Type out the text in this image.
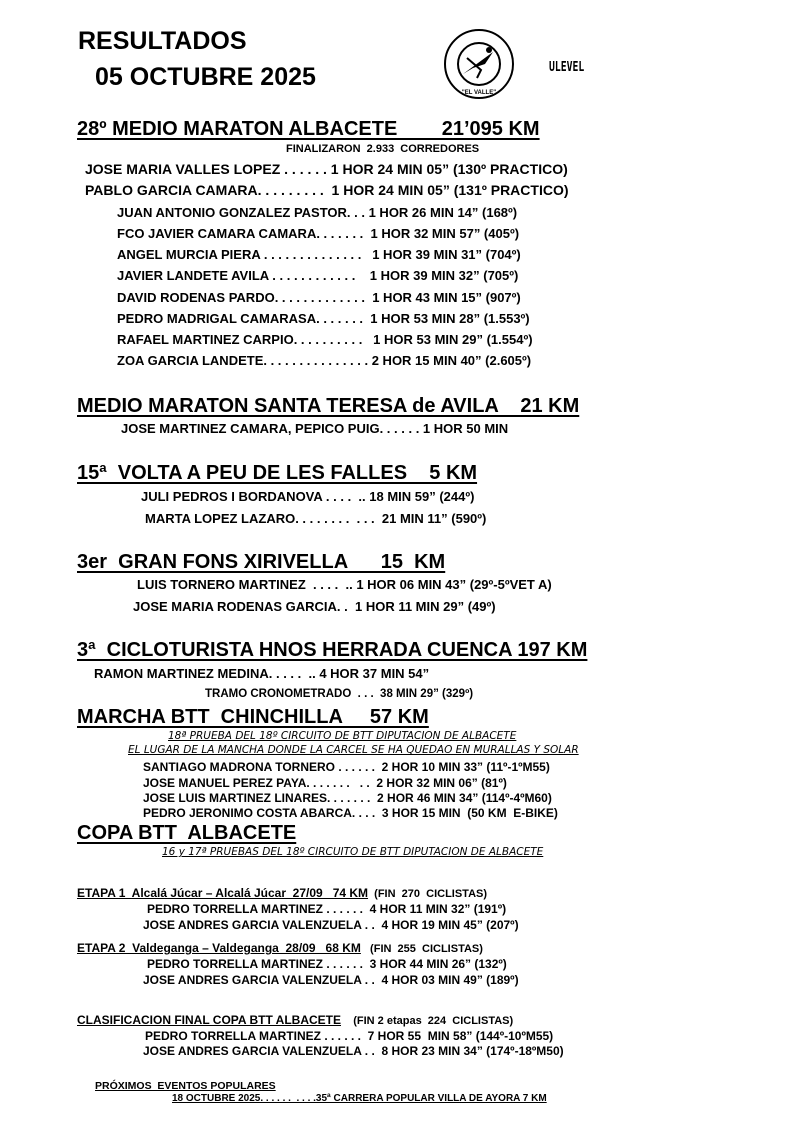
RESULTADOS
05 OCTUBRE 2025
"EL VALLE"
ULEVEL
28º MEDIO MARATON ALBACETE        21’095 KM
FINALIZARON  2.933  CORREDORES
JOSE MARIA VALLES LOPEZ . . . . . . 1 HOR 24 MIN 05” (130º PRACTICO)
PABLO GARCIA CAMARA. . . . . . . . .  1 HOR 24 MIN 05” (131º PRACTICO)
JUAN ANTONIO GONZALEZ PASTOR. . . 1 HOR 26 MIN 14” (168º)
FCO JAVIER CAMARA CAMARA. . . . . . .  1 HOR 32 MIN 57” (405º)
ANGEL MURCIA PIERA . . . . . . . . . . . . . .   1 HOR 39 MIN 31” (704º)
JAVIER LANDETE AVILA . . . . . . . . . . . .    1 HOR 39 MIN 32” (705º)
DAVID RODENAS PARDO. . . . . . . . . . . . .  1 HOR 43 MIN 15” (907º)
PEDRO MADRIGAL CAMARASA. . . . . . .  1 HOR 53 MIN 28” (1.553º)
RAFAEL MARTINEZ CARPIO. . . . . . . . . .   1 HOR 53 MIN 29” (1.554º)
ZOA GARCIA LANDETE. . . . . . . . . . . . . . . 2 HOR 15 MIN 40” (2.605º)
MEDIO MARATON SANTA TERESA de AVILA    21 KM
JOSE MARTINEZ CAMARA, PEPICO PUIG. . . . . . 1 HOR 50 MIN
15ª  VOLTA A PEU DE LES FALLES    5 KM
JULI PEDROS I BORDANOVA . . . .  .. 18 MIN 59” (244º)
MARTA LOPEZ LAZARO. . . . . . . .  . . .  21 MIN 11” (590º)
3er  GRAN FONS XIRIVELLA      15  KM
LUIS TORNERO MARTINEZ  . . . .  .. 1 HOR 06 MIN 43” (29º-5ºVET A)
JOSE MARIA RODENAS GARCIA. .  1 HOR 11 MIN 29” (49º)
3ª  CICLOTURISTA HNOS HERRADA CUENCA 197 KM
RAMON MARTINEZ MEDINA. . . . .  .. 4 HOR 37 MIN 54”
TRAMO CRONOMETRADO  . . .  38 MIN 29” (329º)
MARCHA BTT  CHINCHILLA     57 KM
18ª PRUEBA DEL 18º CIRCUITO DE BTT DIPUTACION DE ALBACETE
EL LUGAR DE LA MANCHA DONDE LA CARCEL SE HA QUEDAO EN MURALLAS Y SOLAR
SANTIAGO MADRONA TORNERO . . . . . .  2 HOR 10 MIN 33” (11º-1ºM55)
JOSE MANUEL PEREZ PAYA. . . . . . .   . .  2 HOR 32 MIN 06” (81º)
JOSE LUIS MARTINEZ LINARES. . . . . . .  2 HOR 46 MIN 34” (114º-4ºM60)
PEDRO JERONIMO COSTA ABARCA. . . .  3 HOR 15 MIN  (50 KM  E-BIKE)
COPA BTT  ALBACETE
16 y 17ª PRUEBAS DEL 18º CIRCUITO DE BTT DIPUTACION DE ALBACETE
ETAPA 1  Alcalá Júcar – Alcalá Júcar  27/09   74 KM  (FIN  270  CICLISTAS)
PEDRO TORRELLA MARTINEZ . . . . . .  4 HOR 11 MIN 32” (191º)
JOSE ANDRES GARCIA VALENZUELA . .  4 HOR 19 MIN 45” (207º)
ETAPA 2  Valdeganga – Valdeganga  28/09   68 KM   (FIN  255  CICLISTAS)
PEDRO TORRELLA MARTINEZ . . . . . .  3 HOR 44 MIN 26” (132º)
JOSE ANDRES GARCIA VALENZUELA . .  4 HOR 03 MIN 49” (189º)
CLASIFICACION FINAL COPA BTT ALBACETE    (FIN 2 etapas  224  CICLISTAS)
PEDRO TORRELLA MARTINEZ . . . . . .  7 HOR 55  MIN 58” (144º-10ºM55)
JOSE ANDRES GARCIA VALENZUELA . .  8 HOR 23 MIN 34” (174º-18ºM50)
PRÓXIMOS  EVENTOS POPULARES
18 OCTUBRE 2025. . . . . .  . . . .35ª CARRERA POPULAR VILLA DE AYORA 7 KM
